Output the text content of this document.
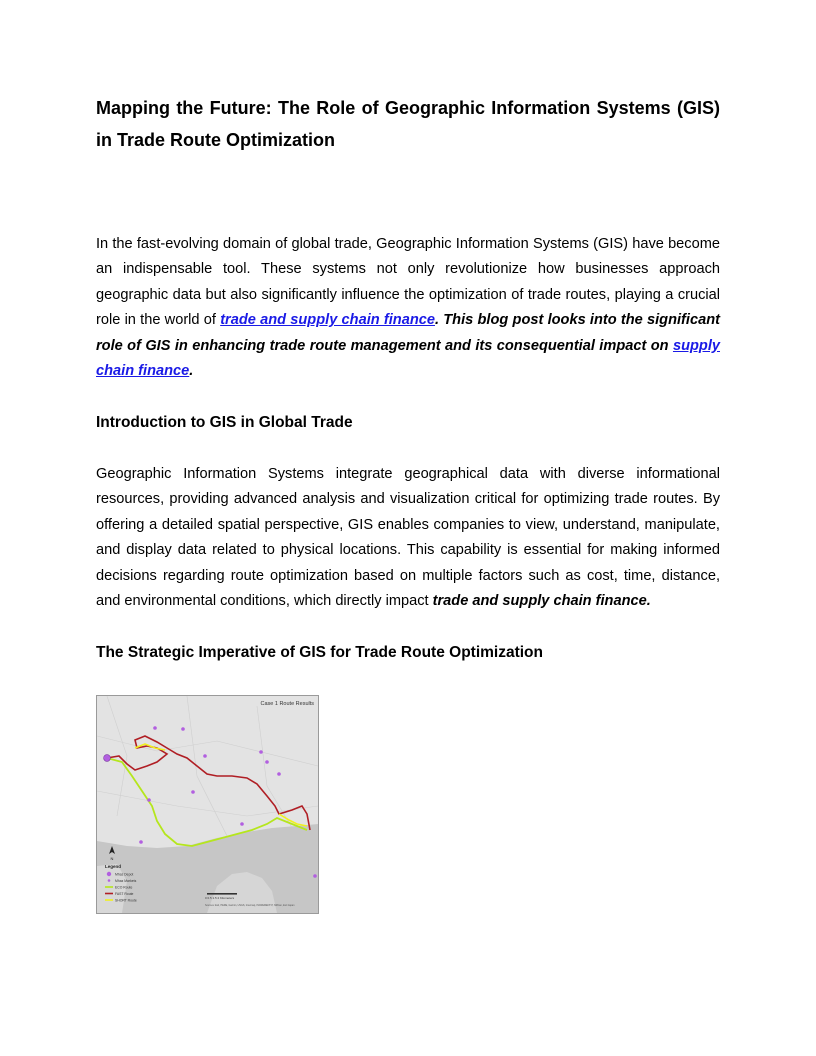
Mapping the Future: The Role of Geographic Information Systems (GIS) in Trade Route Optimization

In the fast-evolving domain of global trade, Geographic Information Systems (GIS) have become an indispensable tool. These systems not only revolutionize how businesses approach geographic data but also significantly influence the optimization of trade routes, playing a crucial role in the world of trade and supply chain finance. This blog post looks into the significant role of GIS in enhancing trade route management and its consequential impact on supply chain finance.

Introduction to GIS in Global Trade

Geographic Information Systems integrate geographical data with diverse informational resources, providing advanced analysis and visualization critical for optimizing trade routes. By offering a detailed spatial perspective, GIS enables companies to view, understand, manipulate, and display data related to physical locations. This capability is essential for making informed decisions regarding route optimization based on multiple factors such as cost, time, distance, and environmental conditions, which directly impact trade and supply chain finance.

The Strategic Imperative of GIS for Trade Route Optimization
Case 1 Route Results
N
Legend
Mhaz Depot
Mhaz Markets
ECO Route
FAST Route
SHORT Route
0 0.5 1.5 2 Kilometers
Sources: Esri, HERE, Garmin, USGS, Intermap, INCREMENT P, NRCan, Esri Japan
